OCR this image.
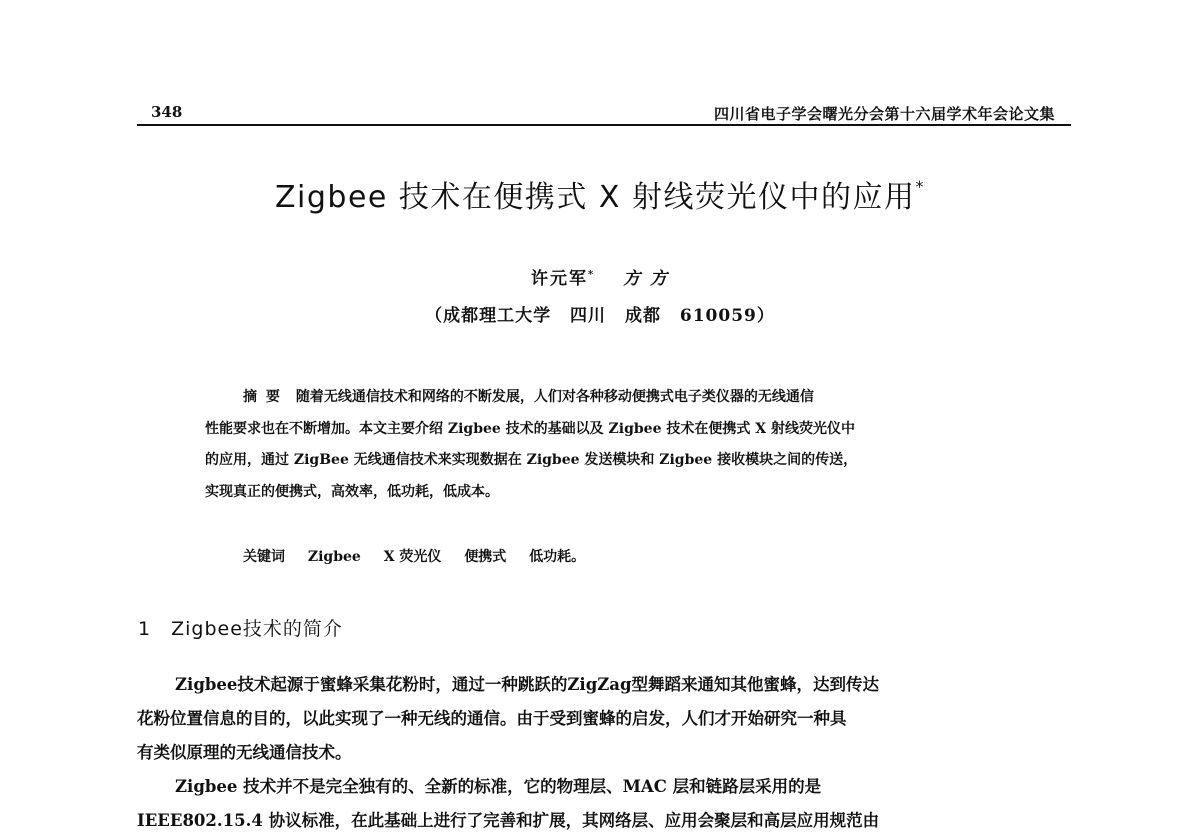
348	四川省电子学会曙光分会第十六届学术年会论文集
Zigbee 技术在便携式 X 射线荧光仪中的应用*
许元军* 方 方
（成都理工大学 四川 成都 610059）
摘 要 随着无线通信技术和网络的不断发展，人们对各种移动便携式电子类仪器的无线通信
性能要求也在不断增加。本文主要介绍 Zigbee 技术的基础以及 Zigbee 技术在便携式 X 射线荧光仪中
的应用，通过 ZigBee 无线通信技术来实现数据在 Zigbee 发送模块和 Zigbee 接收模块之间的传送，
实现真正的便携式，高效率，低功耗，低成本。
关键词 Zigbee X 荧光仪 便携式 低功耗。
1 Zigbee技术的简介
Zigbee技术起源于蜜蜂采集花粉时，通过一种跳跃的ZigZag型舞蹈来通知其他蜜蜂，达到传达
花粉位置信息的目的，以此实现了一种无线的通信。由于受到蜜蜂的启发，人们才开始研究一种具
有类似原理的无线通信技术。
Zigbee 技术并不是完全独有的、全新的标准，它的物理层、MAC 层和链路层采用的是
IEEE802.15.4 协议标准，在此基础上进行了完善和扩展，其网络层、应用会聚层和高层应用规范由
